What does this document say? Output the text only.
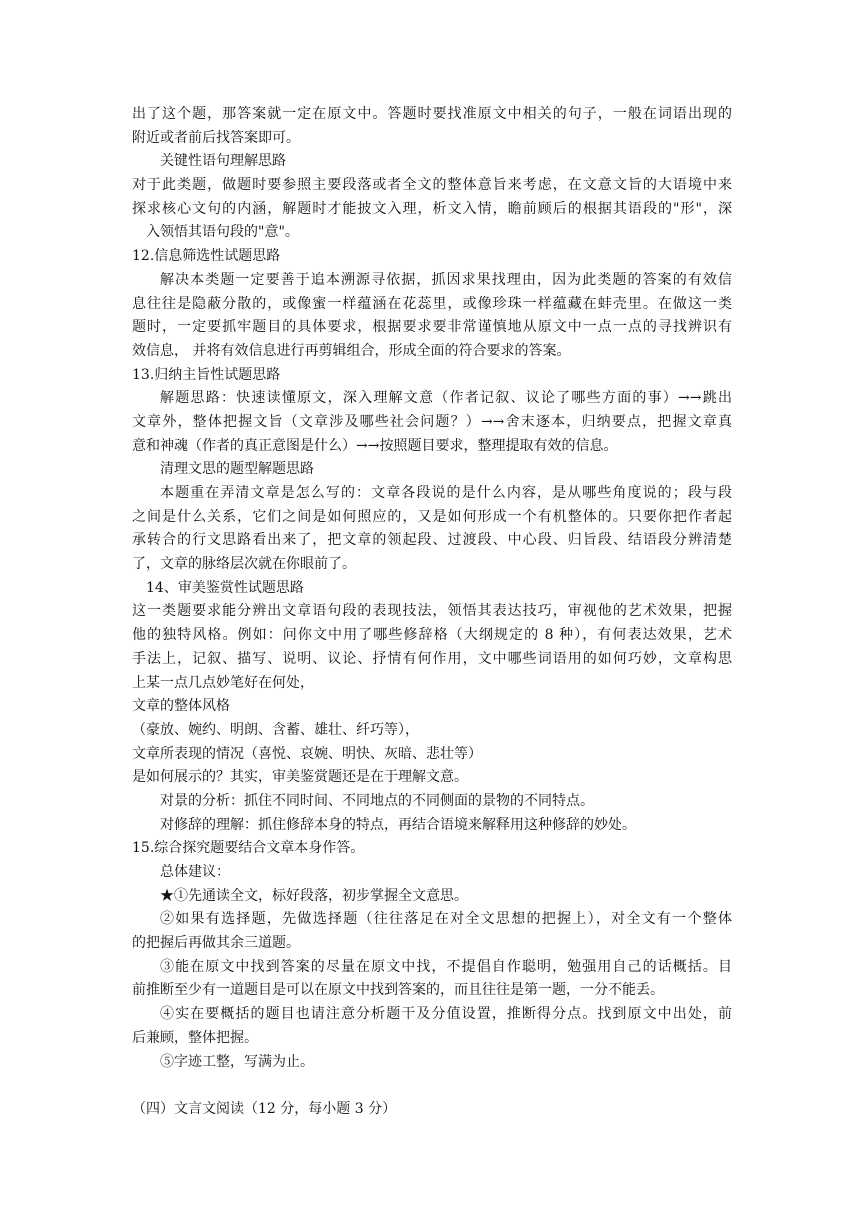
出了这个题，那答案就一定在原文中。答题时要找准原文中相关的句子，一般在词语出现的
附近或者前后找答案即可。
关键性语句理解思路
对于此类题，做题时要参照主要段落或者全文的整体意旨来考虑，在文意文旨的大语境中来
探求核心文句的内涵，解题时才能披文入理，析文入情，瞻前顾后的根据其语段的"形"，深
入领悟其语句段的"意"。
12.信息筛选性试题思路
解决本类题一定要善于追本溯源寻依据，抓因求果找理由，因为此类题的答案的有效信
息往往是隐蔽分散的，或像蜜一样蕴涵在花蕊里，或像珍珠一样蕴藏在蚌壳里。在做这一类
题时，一定要抓牢题目的具体要求，根据要求要非常谨慎地从原文中一点一点的寻找辨识有
效信息， 并将有效信息进行再剪辑组合，形成全面的符合要求的答案。
13.归纳主旨性试题思路
解题思路：快速读懂原文，深入理解文意（作者记叙、议论了哪些方面的事）→→跳出
文章外，整体把握文旨（文章涉及哪些社会问题？）→→舍末逐本，归纳要点，把握文章真
意和神魂（作者的真正意图是什么）→→按照题目要求，整理提取有效的信息。
清理文思的题型解题思路
本题重在弄清文章是怎么写的：文章各段说的是什么内容，是从哪些角度说的；段与段
之间是什么关系，它们之间是如何照应的，又是如何形成一个有机整体的。只要你把作者起
承转合的行文思路看出来了，把文章的领起段、过渡段、中心段、归旨段、结语段分辨清楚
了，文章的脉络层次就在你眼前了。
14、审美鉴赏性试题思路
这一类题要求能分辨出文章语句段的表现技法，领悟其表达技巧，审视他的艺术效果，把握
他的独特风格。例如：问你文中用了哪些修辞格（大纲规定的 8 种），有何表达效果，艺术
手法上，记叙、描写、说明、议论、抒情有何作用，文中哪些词语用的如何巧妙，文章构思
上某一点几点妙笔好在何处，
文章的整体风格
（豪放、婉约、明朗、含蓄、雄壮、纤巧等），
文章所表现的情况（喜悦、哀婉、明快、灰暗、悲壮等）
是如何展示的？其实，审美鉴赏题还是在于理解文意。
对景的分析：抓住不同时间、不同地点的不同侧面的景物的不同特点。
对修辞的理解：抓住修辞本身的特点，再结合语境来解释用这种修辞的妙处。
15.综合探究题要结合文章本身作答。
总体建议：
★①先通读全文，标好段落，初步掌握全文意思。
②如果有选择题，先做选择题（往往落足在对全文思想的把握上），对全文有一个整体
的把握后再做其余三道题。
③能在原文中找到答案的尽量在原文中找，不提倡自作聪明，勉强用自己的话概括。目
前推断至少有一道题目是可以在原文中找到答案的，而且往往是第一题，一分不能丢。
④实在要概括的题目也请注意分析题干及分值设置，推断得分点。找到原文中出处，前
后兼顾，整体把握。
⑤字迹工整，写满为止。
（四）文言文阅读（12 分，每小题 3 分）
